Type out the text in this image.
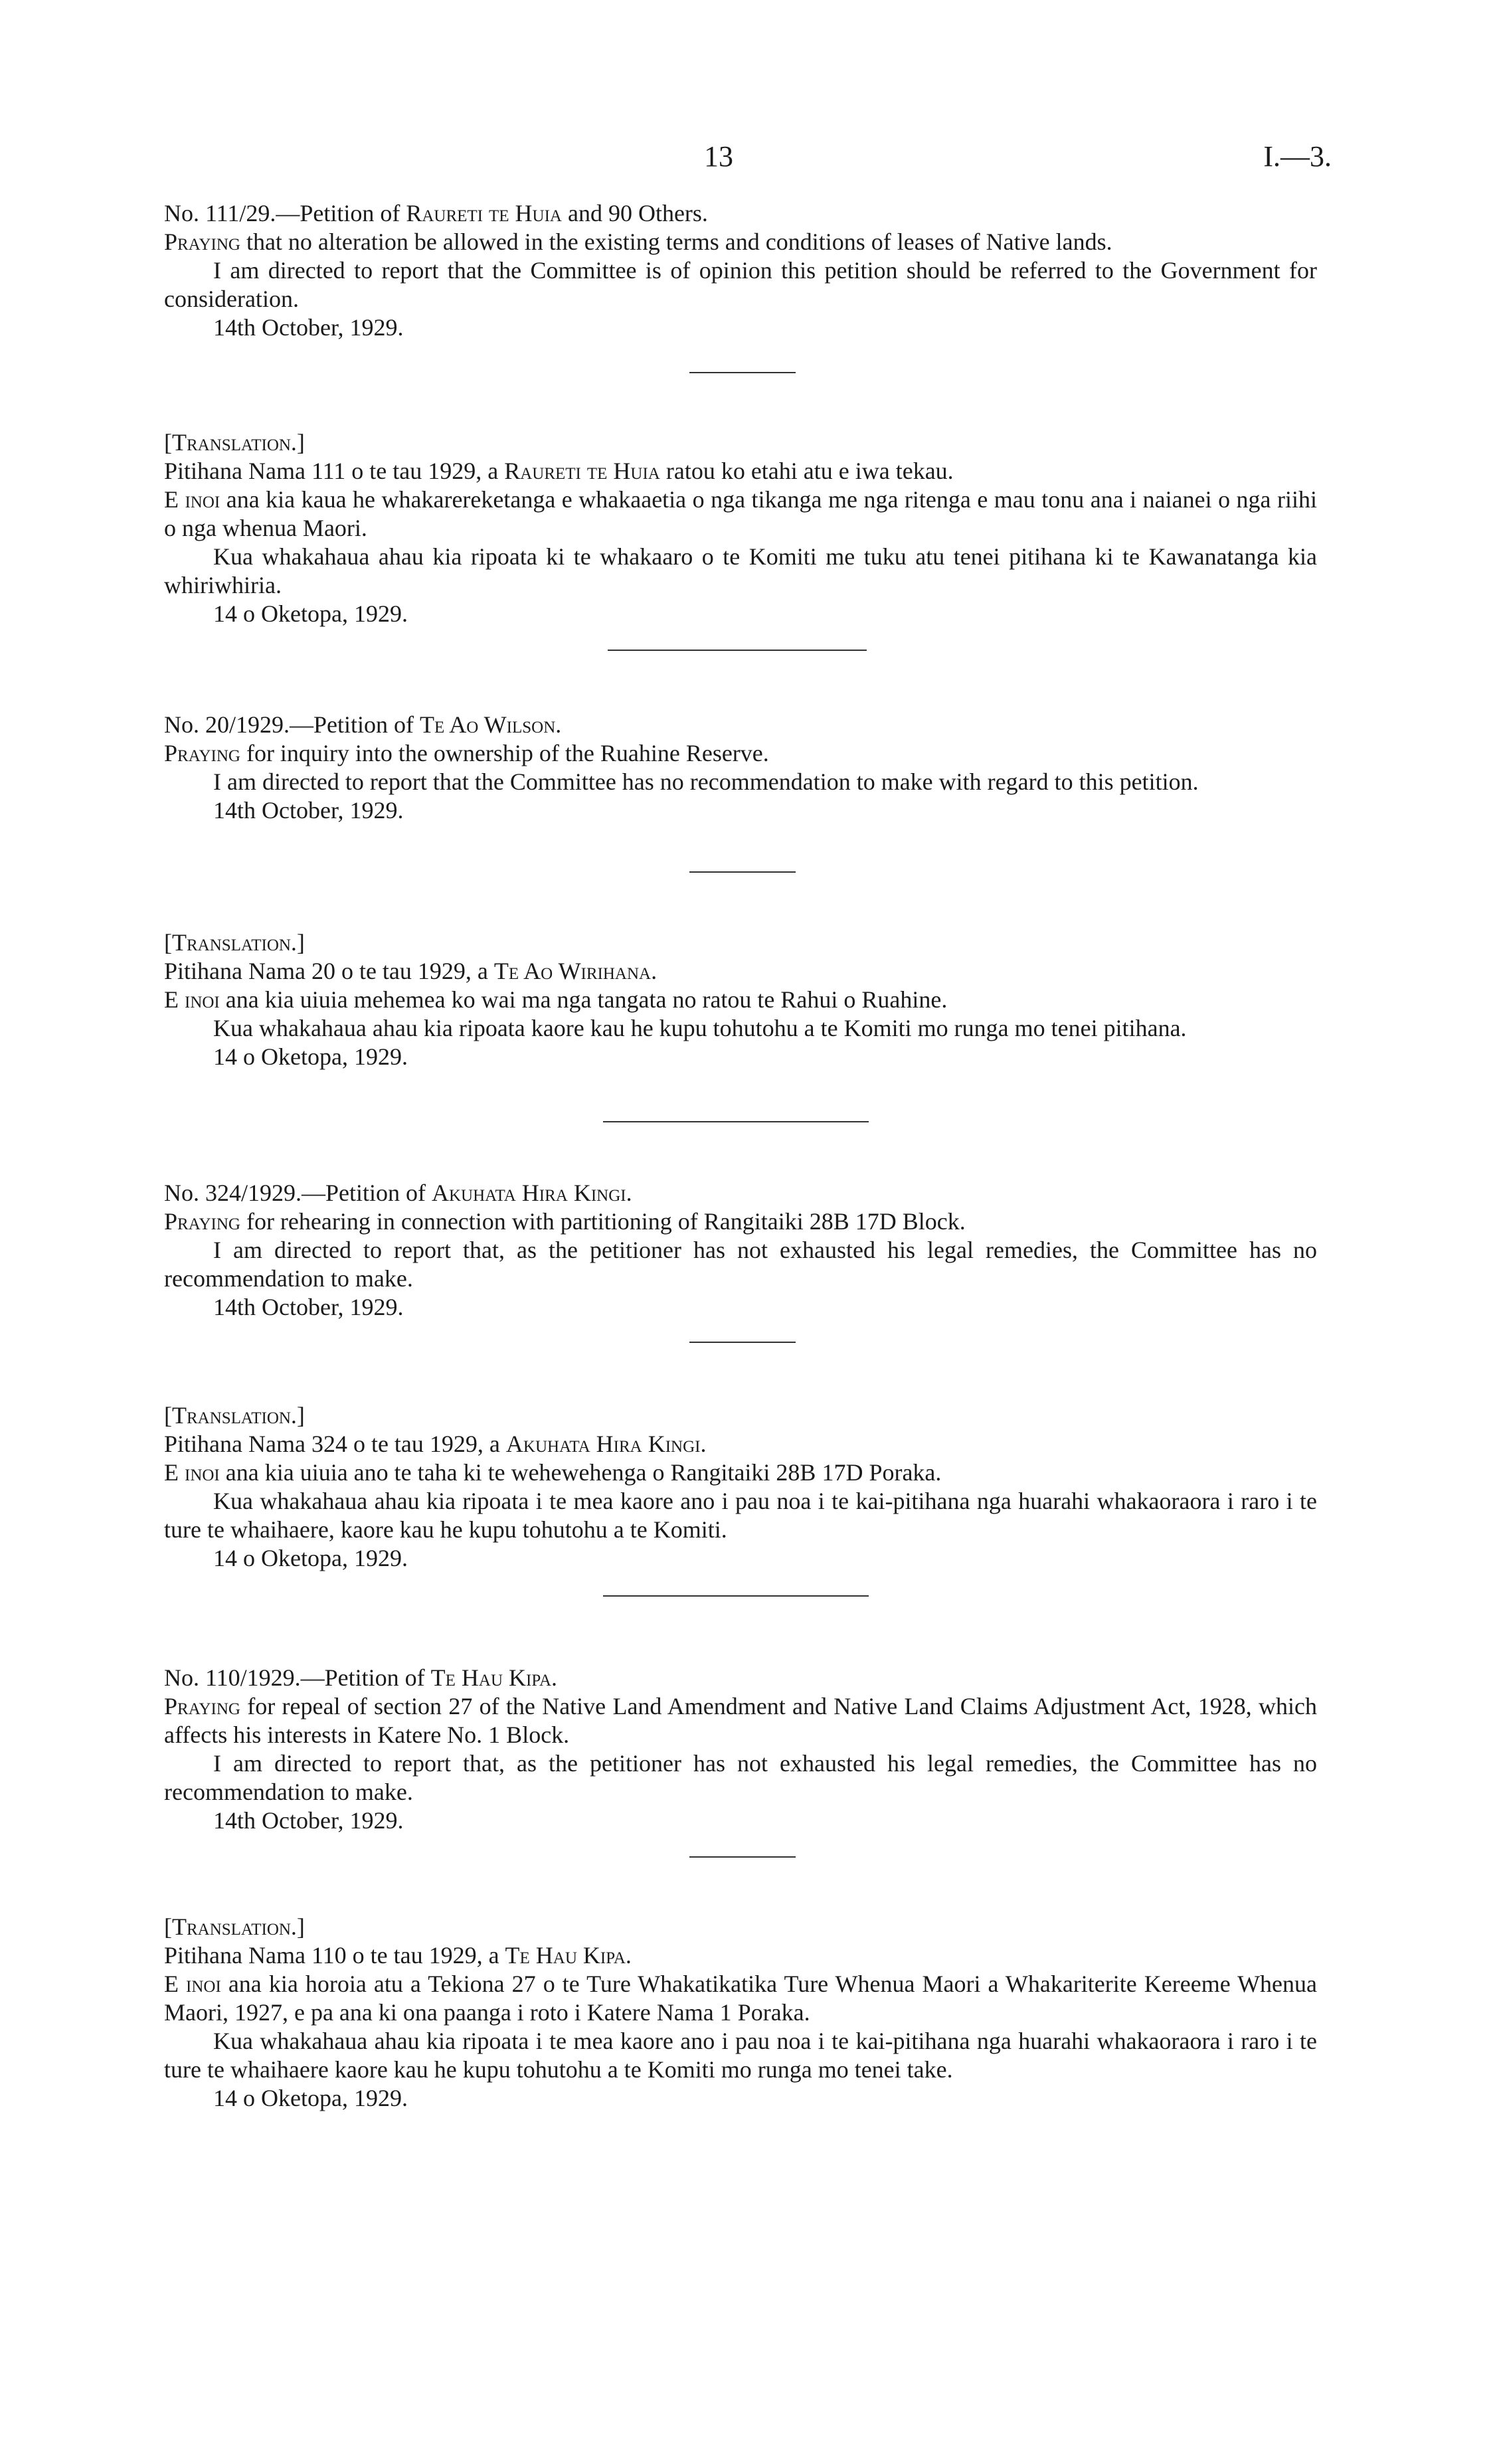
13	I.—3.

No. 111/29.—Petition of Raureti te Huia and 90 Others.

Praying that no alteration be allowed in the existing terms and conditions of leases of Native lands.

I am directed to report that the Committee is of opinion this petition should be referred to the Government for consideration.

14th October, 1929.

[Translation.]

Pitihana Nama 111 o te tau 1929, a Raureti te Huia ratou ko etahi atu e iwa tekau.

E inoi ana kia kaua he whakarereketanga e whakaaetia o nga tikanga me nga ritenga e mau tonu ana i naianei o nga riihi o nga whenua Maori.

Kua whakahaua ahau kia ripoata ki te whakaaro o te Komiti me tuku atu tenei pitihana ki te Kawanatanga kia whiriwhiria.

14 o Oketopa, 1929.

No. 20/1929.—Petition of Te Ao Wilson.

Praying for inquiry into the ownership of the Ruahine Reserve.

I am directed to report that the Committee has no recommendation to make with regard to this petition.

14th October, 1929.

[Translation.]

Pitihana Nama 20 o te tau 1929, a Te Ao Wirihana.

E inoi ana kia uiuia mehemea ko wai ma nga tangata no ratou te Rahui o Ruahine.

Kua whakahaua ahau kia ripoata kaore kau he kupu tohutohu a te Komiti mo runga mo tenei pitihana.

14 o Oketopa, 1929.

No. 324/1929.—Petition of Akuhata Hira Kingi.

Praying for rehearing in connection with partitioning of Rangitaiki 28B 17D Block.

I am directed to report that, as the petitioner has not exhausted his legal remedies, the Committee has no recommendation to make.

14th October, 1929.

[Translation.]

Pitihana Nama 324 o te tau 1929, a Akuhata Hira Kingi.

E inoi ana kia uiuia ano te taha ki te wehewehenga o Rangitaiki 28B 17D Poraka.

Kua whakahaua ahau kia ripoata i te mea kaore ano i pau noa i te kai-pitihana nga huarahi whakaoraora i raro i te ture te whaihaere, kaore kau he kupu tohutohu a te Komiti.

14 o Oketopa, 1929.

No. 110/1929.—Petition of Te Hau Kipa.

Praying for repeal of section 27 of the Native Land Amendment and Native Land Claims Adjustment Act, 1928, which affects his interests in Katere No. 1 Block.

I am directed to report that, as the petitioner has not exhausted his legal remedies, the Committee has no recommendation to make.

14th October, 1929.

[Translation.]

Pitihana Nama 110 o te tau 1929, a Te Hau Kipa.

E inoi ana kia horoia atu a Tekiona 27 o te Ture Whakatikatika Ture Whenua Maori a Whakariterite Kereeme Whenua Maori, 1927, e pa ana ki ona paanga i roto i Katere Nama 1 Poraka.

Kua whakahaua ahau kia ripoata i te mea kaore ano i pau noa i te kai-pitihana nga huarahi whakaoraora i raro i te ture te whaihaere kaore kau he kupu tohutohu a te Komiti mo runga mo tenei take.

14 o Oketopa, 1929.
